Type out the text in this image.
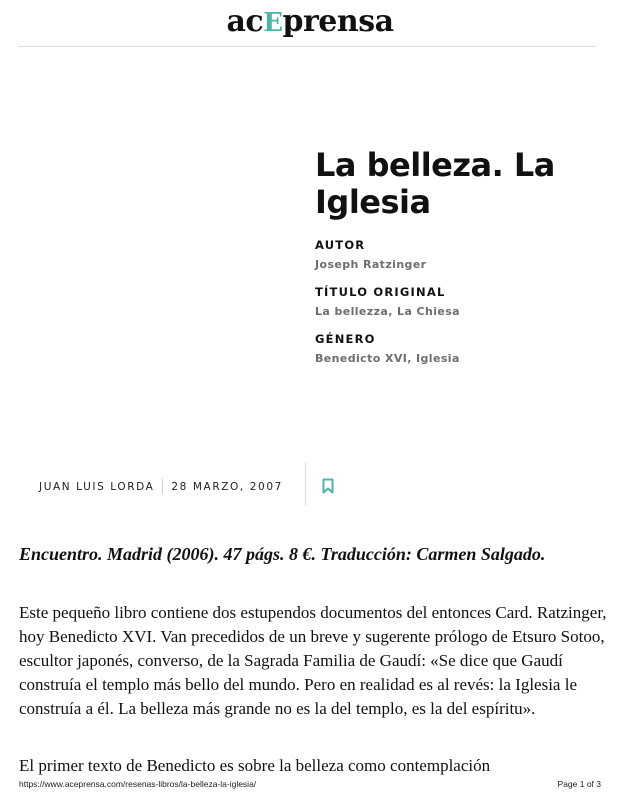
acEprensa
La belleza. La Iglesia

AUTOR

Joseph Ratzinger

TÍTULO ORIGINAL

La bellezza, La Chiesa

GÉNERO

Benedicto XVI, Iglesia

JUAN LUIS LORDA 28 MARZO, 2007

Encuentro. Madrid (2006). 47 págs. 8 €. Traducción: Carmen Salgado.

Este pequeño libro contiene dos estupendos documentos del entonces Card. Ratzinger, hoy Benedicto XVI. Van precedidos de un breve y sugerente prólogo de Etsuro Sotoo, escultor japonés, converso, de la Sagrada Familia de Gaudí: «Se dice que Gaudí construía el templo más bello del mundo. Pero en realidad es al revés: la Iglesia le construía a él. La belleza más grande no es la del templo, es la del espíritu».

El primer texto de Benedicto es sobre la belleza como contemplación
https://www.aceprensa.com/resenas-libros/la-belleza-la-iglesia/	Page 1 of 3
